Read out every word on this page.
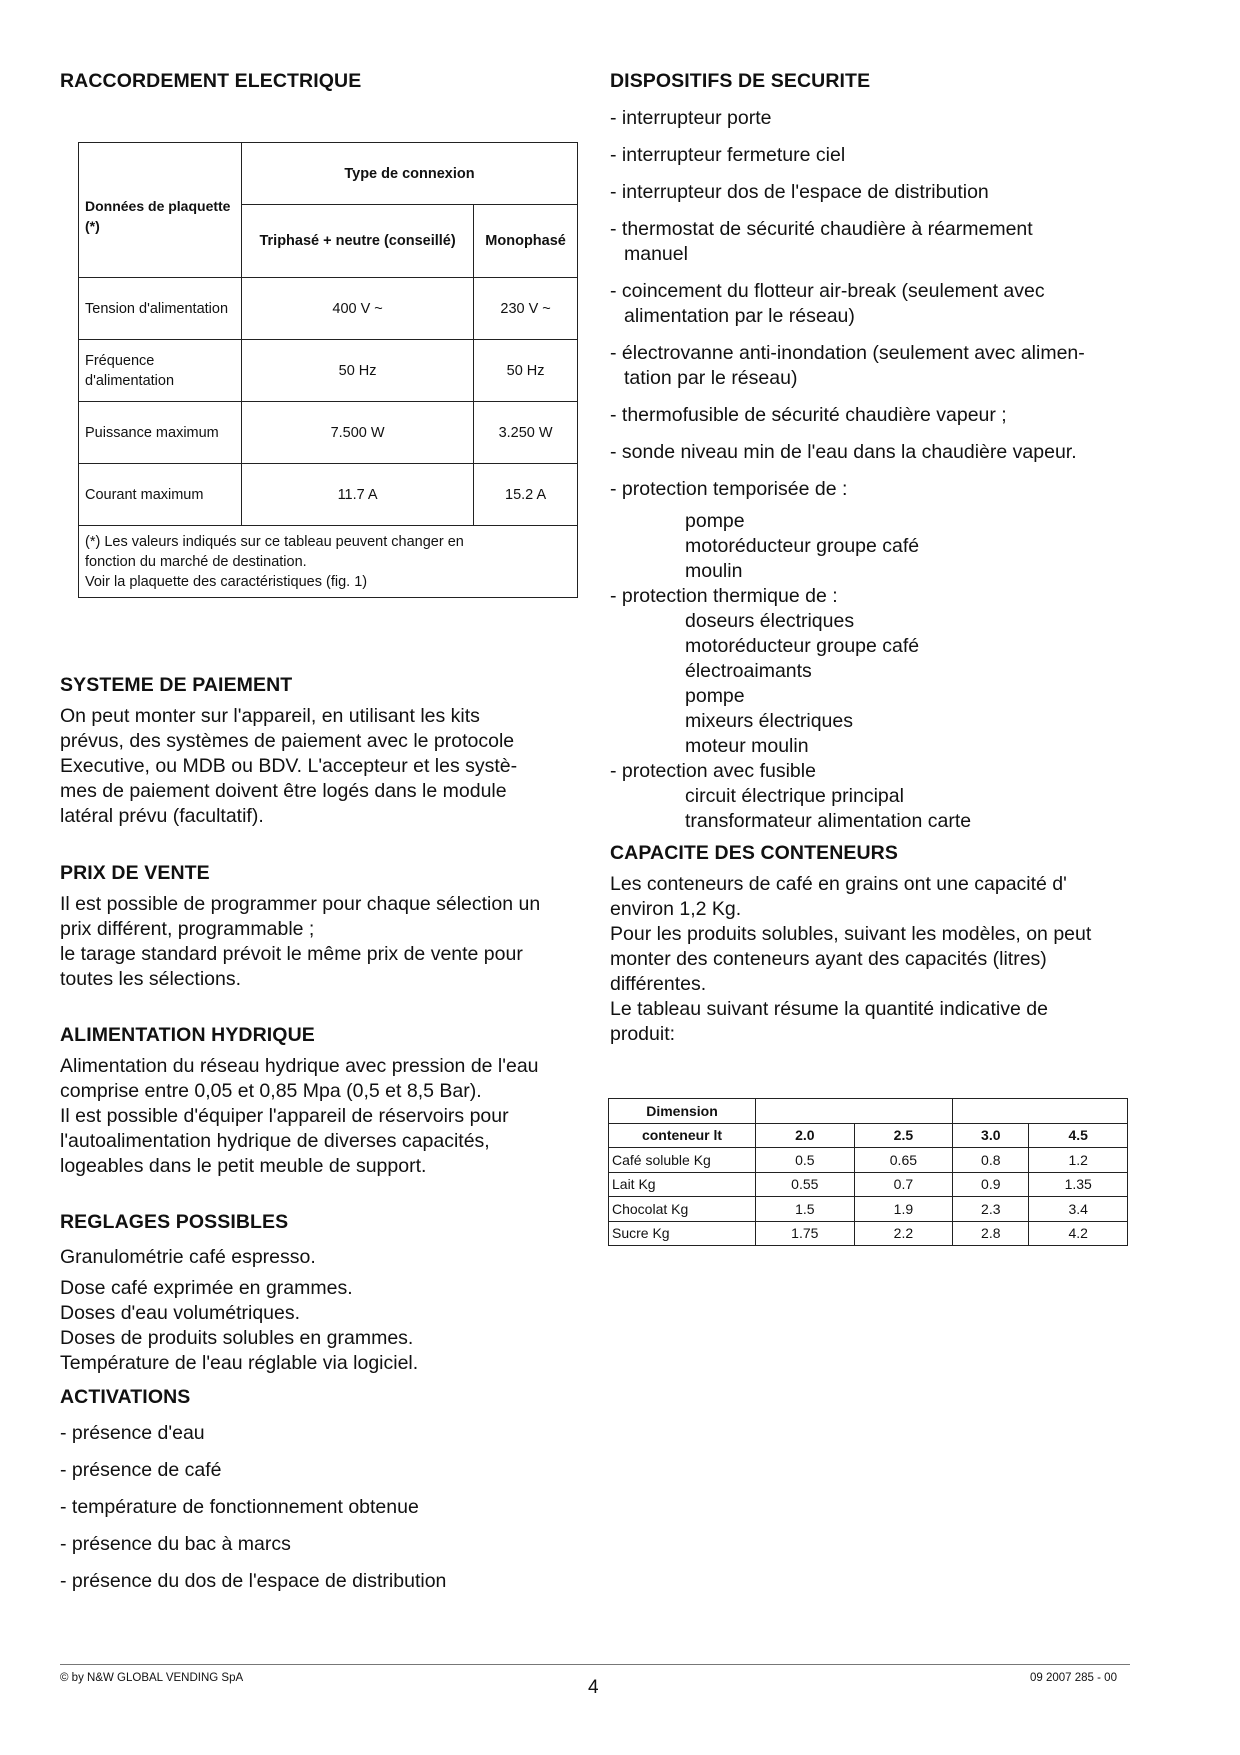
RACCORDEMENT ELECTRIQUE
Données de plaquette (*)	Type de connexion	
	Triphasé + neutre (conseillé)	Monophasé
Tension d'alimentation	400 V ~	230 V ~
Fréquence d'alimentation	50 Hz	50 Hz
Puissance maximum	7.500 W	3.250 W
Courant maximum	11.7 A	15.2 A

(*) Les valeurs indiqués sur ce tableau peuvent changer en
fonction du marché de destination.
Voir la plaquette des caractéristiques (fig. 1)		
SYSTEME DE PAIEMENT
On peut monter sur l'appareil, en utilisant les kits
prévus, des systèmes de paiement avec le protocole
Executive, ou MDB ou BDV. L'accepteur et les systè-
mes de paiement doivent être logés dans le module
latéral prévu (facultatif).
PRIX DE VENTE
Il est possible de programmer pour chaque sélection un
prix différent, programmable ;
le tarage standard prévoit le même prix de vente pour
toutes les sélections.
ALIMENTATION HYDRIQUE
Alimentation du réseau hydrique avec pression de l'eau
comprise entre 0,05 et 0,85 Mpa (0,5 et 8,5 Bar).
Il est possible d'équiper l'appareil de réservoirs pour
l'autoalimentation hydrique de diverses capacités,
logeables dans le petit meuble de support.
REGLAGES POSSIBLES
Granulométrie café espresso.
Dose café exprimée en grammes.
Doses d'eau volumétriques.
Doses de produits solubles en grammes.
Température de l'eau réglable via logiciel.
ACTIVATIONS
- présence d'eau
- présence de café
- température de fonctionnement obtenue
- présence du bac à marcs
- présence du dos de l'espace de distribution
DISPOSITIFS DE SECURITE
- interrupteur porte
- interrupteur fermeture ciel
- interrupteur dos de l'espace de distribution
- thermostat de sécurité chaudière à réarmement
manuel
- coincement du flotteur air-break (seulement avec
alimentation par le réseau)
- électrovanne anti-inondation (seulement avec alimen-
tation par le réseau)
- thermofusible de sécurité chaudière vapeur ;
- sonde niveau min de l'eau dans la chaudière vapeur.
- protection temporisée de :
pompe
motoréducteur groupe café
moulin
- protection thermique de :
doseurs électriques
motoréducteur groupe café
électroaimants
pompe
mixeurs électriques
moteur moulin
- protection avec fusible
circuit électrique principal
transformateur alimentation carte
CAPACITE DES CONTENEURS
Les conteneurs de café en grains ont une capacité d'
environ 1,2 Kg.
Pour les produits solubles, suivant les modèles, on peut
monter des conteneurs ayant des capacités (litres)
différentes.
Le tableau suivant résume la quantité indicative de
produit:
Dimension				
conteneur lt	2.0	2.5	3.0	4.5
Café soluble Kg	0.5	0.65	0.8	1.2
Lait Kg	0.55	0.7	0.9	1.35
Chocolat Kg	1.5	1.9	2.3	3.4
Sucre Kg	1.75	2.2	2.8	4.2
© by N&W GLOBAL VENDING SpA	4	09 2007 285 - 00
